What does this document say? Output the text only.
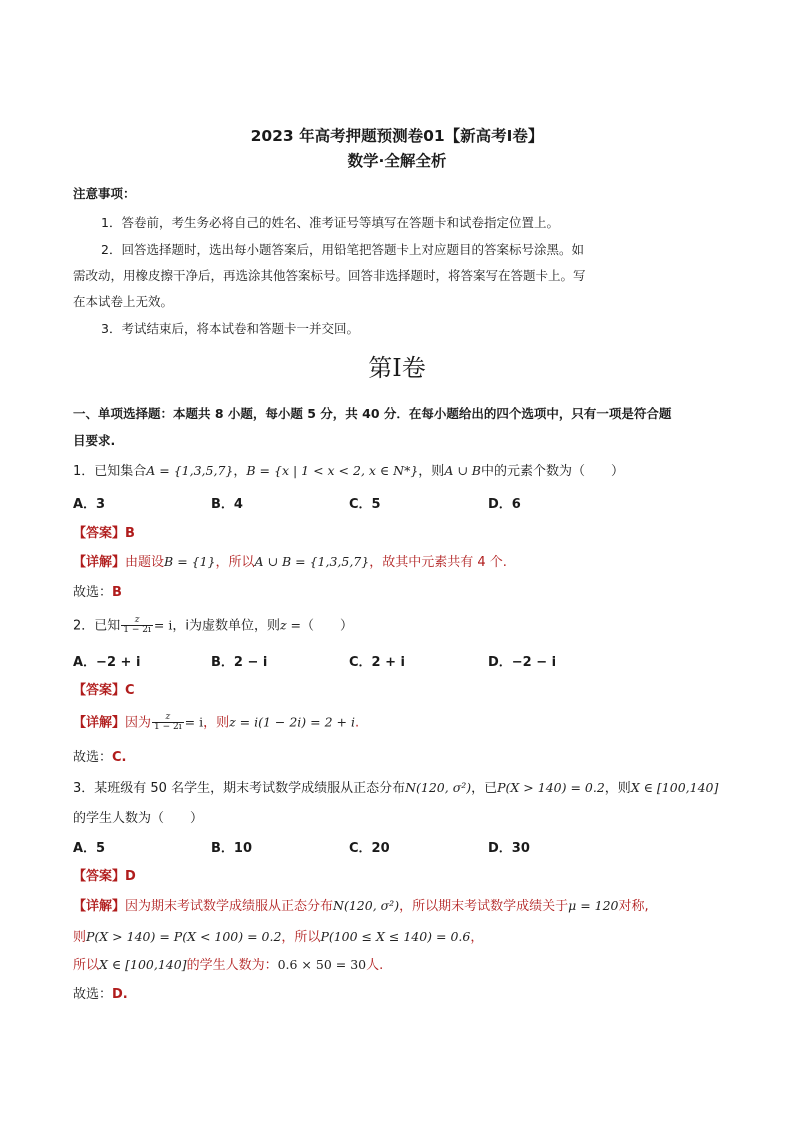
2023 年高考押题预测卷01【新高考Ⅰ卷】
数学·全解全析
注意事项：
1．答卷前，考生务必将自己的姓名、准考证号等填写在答题卡和试卷指定位置上。
2．回答选择题时，选出每小题答案后，用铅笔把答题卡上对应题目的答案标号涂黑。如
需改动，用橡皮擦干净后，再选涂其他答案标号。回答非选择题时，将答案写在答题卡上。写
在本试卷上无效。
3．考试结束后，将本试卷和答题卡一并交回。
第Ⅰ卷
一、单项选择题：本题共 8 小题，每小题 5 分，共 40 分．在每小题给出的四个选项中，只有一项是符合题
目要求.
1．已知集合A = {1,3,5,7}，B = {x | 1 < x < 2, x ∈ N*}，则A ∪ B中的元素个数为（　　）
A．3	B．4	C．5	D．6
【答案】B
【详解】由题设B = {1}，所以A ∪ B = {1,3,5,7}，故其中元素共有 4 个.
故选：B
2．已知 $\frac{z}{1 - 2i} = i$，i为虚数单位，则z =（　　）
A．−2 + i	B．2 − i	C．2 + i	D．−2 − i
【答案】C
【详解】因为 $\frac{z}{1 - 2i} = i$，则z = i(1 − 2i) = 2 + i.
故选：C.
3．某班级有 50 名学生，期末考试数学成绩服从正态分布N(120, σ²)，已P(X > 140) = 0.2，则X ∈ [100,140]
的学生人数为（　　）
A．5	B．10	C．20	D．30
【答案】D
【详解】因为期末考试数学成绩服从正态分布N(120, σ²)，所以期末考试数学成绩关于μ = 120对称,
则P(X > 140) = P(X < 100) = 0.2，所以P(100 ≤ X ≤ 140) = 0.6，
所以X ∈ [100,140]的学生人数为：0.6 × 50 = 30人.
故选：D.
